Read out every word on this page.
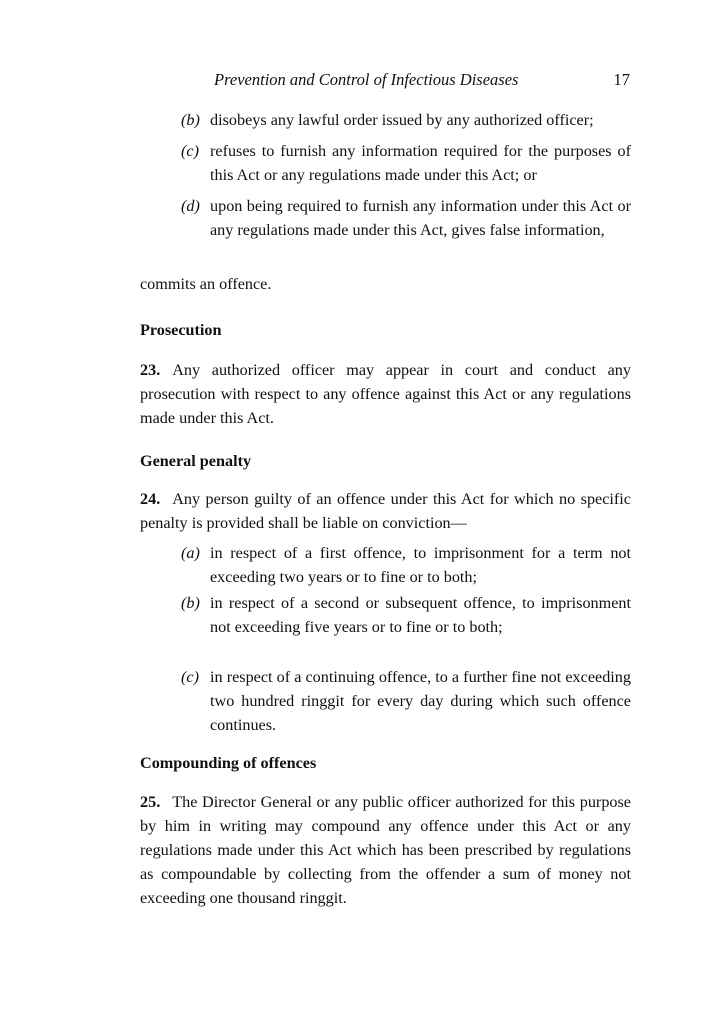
Prevention and Control of Infectious Diseases	17
(b) disobeys any lawful order issued by any authorized officer;
(c) refuses to furnish any information required for the purposes of this Act or any regulations made under this Act; or
(d) upon being required to furnish any information under this Act or any regulations made under this Act, gives false information,
commits an offence.
Prosecution
23. Any authorized officer may appear in court and conduct any prosecution with respect to any offence against this Act or any regulations made under this Act.
General penalty
24. Any person guilty of an offence under this Act for which no specific penalty is provided shall be liable on conviction—
(a) in respect of a first offence, to imprisonment for a term not exceeding two years or to fine or to both;
(b) in respect of a second or subsequent offence, to imprisonment not exceeding five years or to fine or to both;
(c) in respect of a continuing offence, to a further fine not exceeding two hundred ringgit for every day during which such offence continues.
Compounding of offences
25. The Director General or any public officer authorized for this purpose by him in writing may compound any offence under this Act or any regulations made under this Act which has been prescribed by regulations as compoundable by collecting from the offender a sum of money not exceeding one thousand ringgit.
